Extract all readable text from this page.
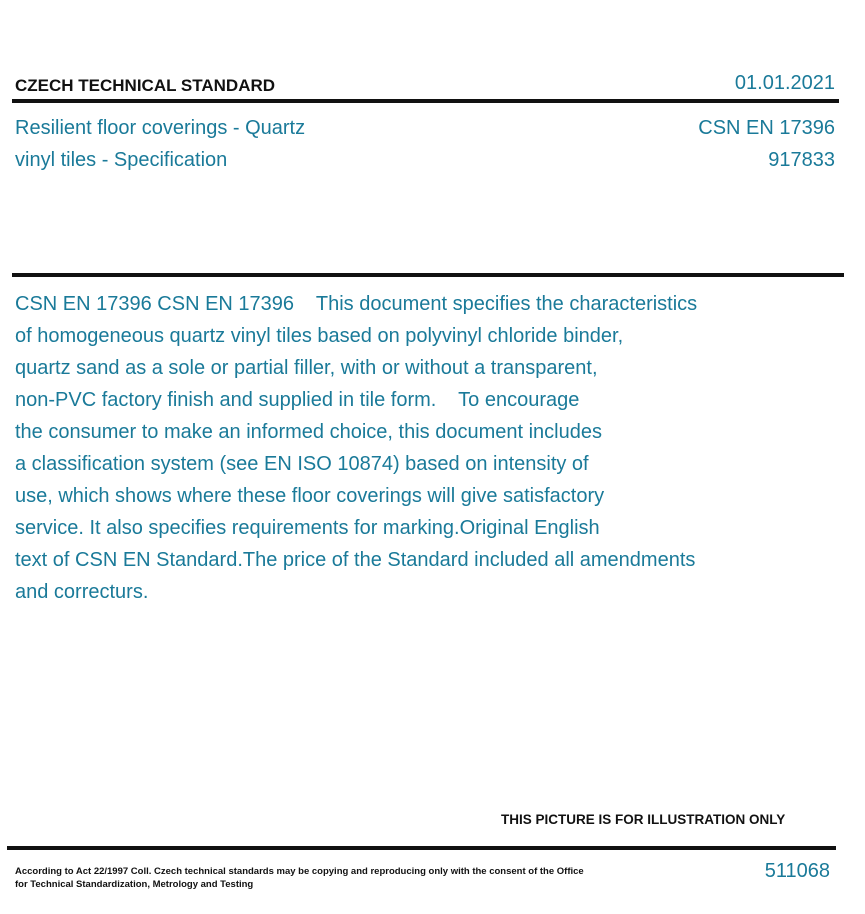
CZECH TECHNICAL STANDARD	01.01.2021
Resilient floor coverings - Quartz
vinyl tiles - Specification
CSN EN 17396
917833
CSN EN 17396 CSN EN 17396    This document specifies the characteristics
of homogeneous quartz vinyl tiles based on polyvinyl chloride binder,
quartz sand as a sole or partial filler, with or without a transparent,
non-PVC factory finish and supplied in tile form.    To encourage
the consumer to make an informed choice, this document includes
a classification system (see EN ISO 10874) based on intensity of
use, which shows where these floor coverings will give satisfactory
service. It also specifies requirements for marking.Original English
text of CSN EN Standard.The price of the Standard included all amendments
and correcturs.
THIS PICTURE IS FOR ILLUSTRATION ONLY
According to Act 22/1997 Coll. Czech technical standards may be copying and reproducing only with the consent of the Office
for Technical Standardization, Metrology and Testing
511068
